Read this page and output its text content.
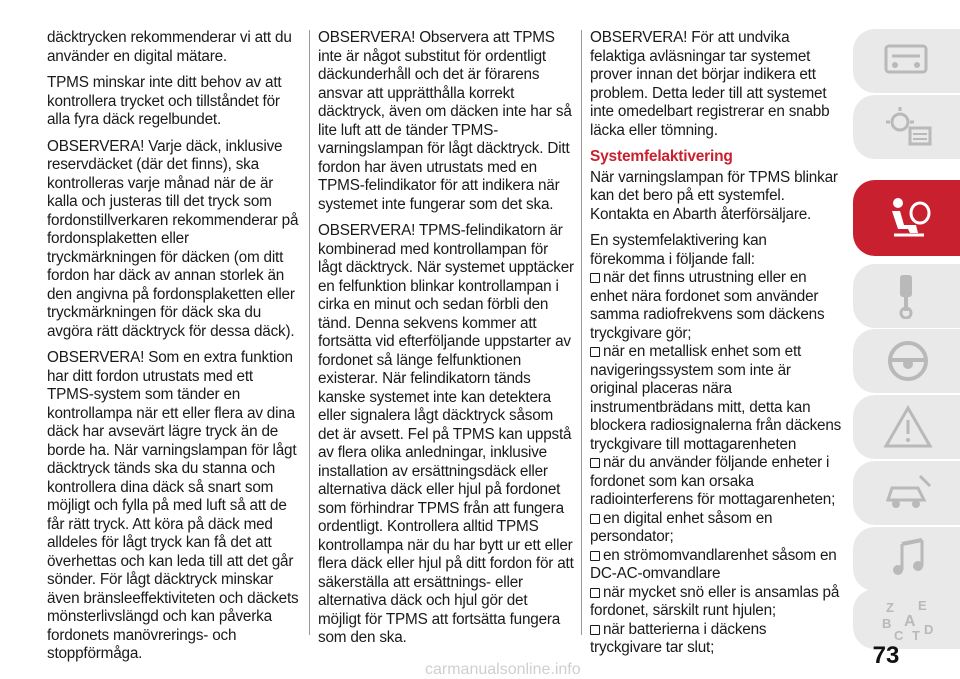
däcktrycken rekommenderar vi att du använder en digital mätare.

TPMS minskar inte ditt behov av att kontrollera trycket och tillståndet för alla fyra däck regelbundet.

OBSERVERA! Varje däck, inklusive reservdäcket (där det finns), ska kontrolleras varje månad när de är kalla och justeras till det tryck som fordonstillverkaren rekommenderar på fordonsplaketten eller tryckmärkningen för däcken (om ditt fordon har däck av annan storlek än den angivna på fordonsplaketten eller tryckmärkningen för däck ska du avgöra rätt däcktryck för dessa däck).

OBSERVERA! Som en extra funktion har ditt fordon utrustats med ett TPMS-system som tänder en kontrollampa när ett eller flera av dina däck har avsevärt lägre tryck än de borde ha. När varningslampan för lågt däcktryck tänds ska du stanna och kontrollera dina däck så snart som möjligt och fylla på med luft så att de får rätt tryck. Att köra på däck med alldeles för lågt tryck kan få det att överhettas och kan leda till att det går sönder. För lågt däcktryck minskar även bränsleeffektiviteten och däckets mönsterlivslängd och kan påverka fordonets manövrerings- och stoppförmåga.

OBSERVERA! Observera att TPMS inte är något substitut för ordentligt däckunderhåll och det är förarens ansvar att upprätthålla korrekt däcktryck, även om däcken inte har så lite luft att de tänder TPMS-varningslampan för lågt däcktryck. Ditt fordon har även utrustats med en TPMS-felindikator för att indikera när systemet inte fungerar som det ska.

OBSERVERA! TPMS-felindikatorn är kombinerad med kontrollampan för lågt däcktryck. När systemet upptäcker en felfunktion blinkar kontrollampan i cirka en minut och sedan förbli den tänd. Denna sekvens kommer att fortsätta vid efterföljande uppstarter av fordonet så länge felfunktionen existerar. När felindikatorn tänds kanske systemet inte kan detektera eller signalera lågt däcktryck såsom det är avsett. Fel på TPMS kan uppstå av flera olika anledningar, inklusive installation av ersättningsdäck eller alternativa däck eller hjul på fordonet som förhindrar TPMS från att fungera ordentligt. Kontrollera alltid TPMS kontrollampa när du har bytt ur ett eller flera däck eller hjul på ditt fordon för att säkerställa att ersättnings- eller alternativa däck och hjul gör det möjligt för TPMS att fortsätta fungera som den ska.

OBSERVERA! För att undvika felaktiga avläsningar tar systemet prover innan det börjar indikera ett problem. Detta leder till att systemet inte omedelbart registrerar en snabb läcka eller tömning.

Systemfelaktivering

När varningslampan för TPMS blinkar kan det bero på ett systemfel. Kontakta en Abarth återförsäljare.

En systemfelaktivering kan förekomma i följande fall:

när det finns utrustning eller en enhet nära fordonet som använder samma radiofrekvens som däckens tryckgivare gör;

när en metallisk enhet som ett navigeringssystem som inte är original placeras nära instrumentbrädans mitt, detta kan blockera radiosignalerna från däckens tryckgivare till mottagarenheten

när du använder följande enheter i fordonet som kan orsaka radiointerferens för mottagarenheten;

en digital enhet såsom en persondator;

en strömomvandlarenhet såsom en DC-AC-omvandlare

när mycket snö eller is ansamlas på fordonet, särskilt runt hjulen;

när batterierna i däckens tryckgivare tar slut;

Z E
B A
C T D
73
carmanualsonline.info
